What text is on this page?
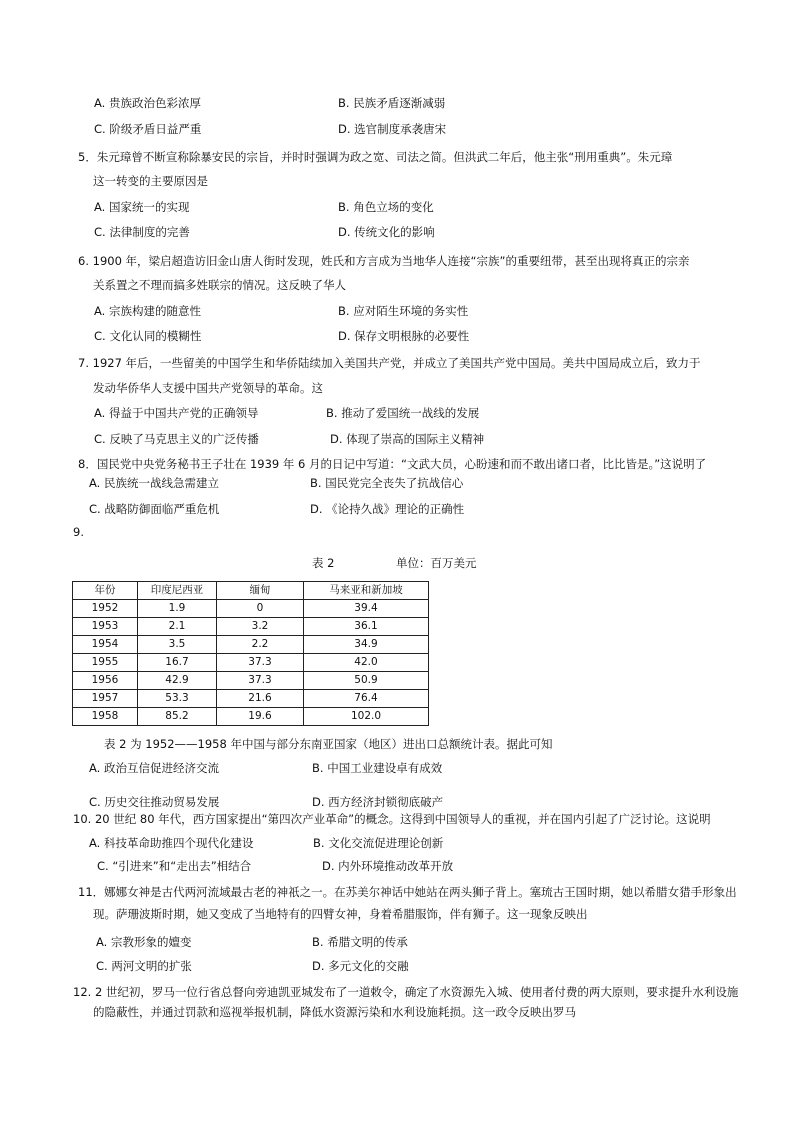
A. 贵族政治色彩浓厚	B. 民族矛盾逐渐减弱
C. 阶级矛盾日益严重	D. 选官制度承袭唐宋
5．朱元璋曾不断宣称除暴安民的宗旨，并时时强调为政之宽、司法之简。但洪武二年后，他主张“刑用重典”。朱元璋
这一转变的主要原因是
A. 国家统一的实现	B. 角色立场的变化
C. 法律制度的完善	D. 传统文化的影响
6. 1900 年，梁启超造访旧金山唐人街时发现，姓氏和方言成为当地华人连接“宗族”的重要纽带，甚至出现将真正的宗亲
关系置之不理而搞多姓联宗的情况。这反映了华人
A. 宗族构建的随意性	B. 应对陌生环境的务实性
C. 文化认同的模糊性	D. 保存文明根脉的必要性
7. 1927 年后，一些留美的中国学生和华侨陆续加入美国共产党，并成立了美国共产党中国局。美共中国局成立后，致力于
发动华侨华人支援中国共产党领导的革命。这
A. 得益于中国共产党的正确领导	B. 推动了爱国统一战线的发展
C. 反映了马克思主义的广泛传播	D. 体现了崇高的国际主义精神
8．国民党中央党务秘书王子壮在 1939 年 6 月的日记中写道：“文武大员，心盼速和而不敢出诸口者，比比皆是。”这说明了
A. 民族统一战线急需建立	B. 国民党完全丧失了抗战信心
C. 战略防御面临严重危机	D. 《论持久战》理论的正确性
9.
表 2	单位：百万美元
年份	印度尼西亚	缅甸	马来亚和新加坡
1952	1.9	0	39.4
1953	2.1	3.2	36.1
1954	3.5	2.2	34.9
1955	16.7	37.3	42.0
1956	42.9	37.3	50.9
1957	53.3	21.6	76.4
1958	85.2	19.6	102.0
表 2 为 1952——1958 年中国与部分东南亚国家（地区）进出口总额统计表。据此可知
A. 政治互信促进经济交流	B. 中国工业建设卓有成效
C. 历史交往推动贸易发展	D. 西方经济封锁彻底破产
10. 20 世纪 80 年代，西方国家提出“第四次产业革命”的概念。这得到中国领导人的重视，并在国内引起了广泛讨论。这说明
A. 科技革命助推四个现代化建设	B. 文化交流促进理论创新
C. “引进来”和“走出去”相结合	D. 内外环境推动改革开放
11．娜娜女神是古代两河流域最古老的神祇之一。在苏美尔神话中她站在两头狮子背上。塞琉古王国时期，她以希腊女猎手形象出
现。萨珊波斯时期，她又变成了当地特有的四臂女神，身着希腊服饰，伴有狮子。这一现象反映出
A. 宗教形象的嬗变	B. 希腊文明的传承
C. 两河文明的扩张	D. 多元文化的交融
12. 2 世纪初，罗马一位行省总督向旁迪凯亚城发布了一道敕令，确定了水资源先入城、使用者付费的两大原则，要求提升水利设施
的隐蔽性，并通过罚款和巡视举报机制，降低水资源污染和水利设施耗损。这一政令反映出罗马
